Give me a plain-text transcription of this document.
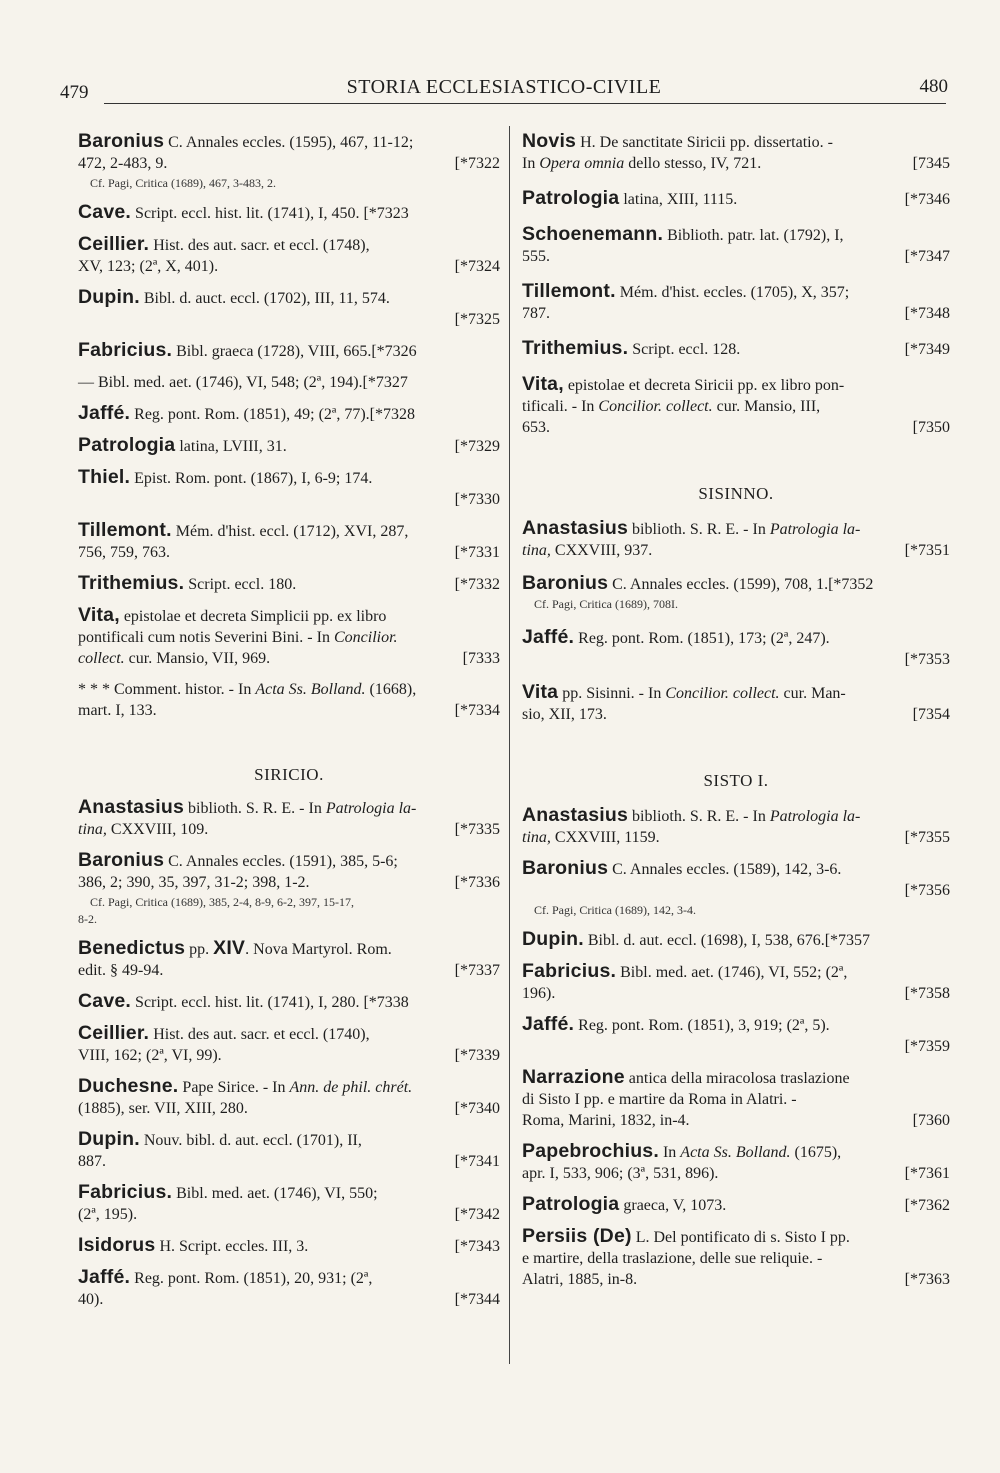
479	STORIA ECCLESIASTICO-CIVILE	480
Baronius C. Annales eccles. (1595), 467, 11-12;
472, 2-483, 9.	[*7322
Cf. Pagi, Critica (1689), 467, 3-483, 2.
Cave. Script. eccl. hist. lit. (1741), I, 450. [*7323
Ceillier. Hist. des aut. sacr. et eccl. (1748),
XV, 123; (2ª, X, 401).	[*7324
Dupin. Bibl. d. auct. eccl. (1702), III, 11, 574.
[*7325
Fabricius. Bibl. graeca (1728), VIII, 665.[*7326
— Bibl. med. aet. (1746), VI, 548; (2ª, 194).[*7327
Jaffé. Reg. pont. Rom. (1851), 49; (2ª, 77).[*7328
Patrologia latina, LVIII, 31.	[*7329
Thiel. Epist. Rom. pont. (1867), I, 6-9; 174.
[*7330
Tillemont. Mém. d'hist. eccl. (1712), XVI, 287,
756, 759, 763.	[*7331
Trithemius. Script. eccl. 180.	[*7332
Vita, epistolae et decreta Simplicii pp. ex libro
pontificali cum notis Severini Bini. - In Concilior.
collect. cur. Mansio, VII, 969.	[7333
* * * Comment. histor. - In Acta Ss. Bolland. (1668),
mart. I, 133.	[*7334
SIRICIO.
Anastasius biblioth. S. R. E. - In Patrologia la-
tina, CXXVIII, 109.	[*7335
Baronius C. Annales eccles. (1591), 385, 5-6;
386, 2; 390, 35, 397, 31-2; 398, 1-2.	[*7336
Cf. Pagi, Critica (1689), 385, 2-4, 8-9, 6-2, 397, 15-17,
8-2.
Benedictus pp. XIV. Nova Martyrol. Rom.
edit. § 49-94.	[*7337
Cave. Script. eccl. hist. lit. (1741), I, 280. [*7338
Ceillier. Hist. des aut. sacr. et eccl. (1740),
VIII, 162; (2ª, VI, 99).	[*7339
Duchesne. Pape Sirice. - In Ann. de phil. chrét.
(1885), ser. VII, XIII, 280.	[*7340
Dupin. Nouv. bibl. d. aut. eccl. (1701), II,
887.	[*7341
Fabricius. Bibl. med. aet. (1746), VI, 550;
(2ª, 195).	[*7342
Isidorus H. Script. eccles. III, 3.	[*7343
Jaffé. Reg. pont. Rom. (1851), 20, 931; (2ª,
40).	[*7344
Novis H. De sanctitate Siricii pp. dissertatio. -
In Opera omnia dello stesso, IV, 721.	[7345
Patrologia latina, XIII, 1115.	[*7346
Schoenemann. Biblioth. patr. lat. (1792), I,
555.	[*7347
Tillemont. Mém. d'hist. eccles. (1705), X, 357;
787.	[*7348
Trithemius. Script. eccl. 128.	[*7349
Vita, epistolae et decreta Siricii pp. ex libro pon-
tificali. - In Concilior. collect. cur. Mansio, III,
653.	[7350
SISINNO.
Anastasius biblioth. S. R. E. - In Patrologia la-
tina, CXXVIII, 937.	[*7351
Baronius C. Annales eccles. (1599), 708, 1.[*7352
Cf. Pagi, Critica (1689), 708I.
Jaffé. Reg. pont. Rom. (1851), 173; (2ª, 247).
[*7353
Vita pp. Sisinni. - In Concilior. collect. cur. Man-
sio, XII, 173.	[7354
SISTO I.
Anastasius biblioth. S. R. E. - In Patrologia la-
tina, CXXVIII, 1159.	[*7355
Baronius C. Annales eccles. (1589), 142, 3-6.
[*7356
Cf. Pagi, Critica (1689), 142, 3-4.
Dupin. Bibl. d. aut. eccl. (1698), I, 538, 676.[*7357
Fabricius. Bibl. med. aet. (1746), VI, 552; (2ª,
196).	[*7358
Jaffé. Reg. pont. Rom. (1851), 3, 919; (2ª, 5).
[*7359
Narrazione antica della miracolosa traslazione
di Sisto I pp. e martire da Roma in Alatri. -
Roma, Marini, 1832, in-4.	[7360
Papebrochius. In Acta Ss. Bolland. (1675),
apr. I, 533, 906; (3ª, 531, 896).	[*7361
Patrologia graeca, V, 1073.	[*7362
Persiis (De) L. Del pontificato di s. Sisto I pp.
e martire, della traslazione, delle sue reliquie. -
Alatri, 1885, in-8.	[*7363
